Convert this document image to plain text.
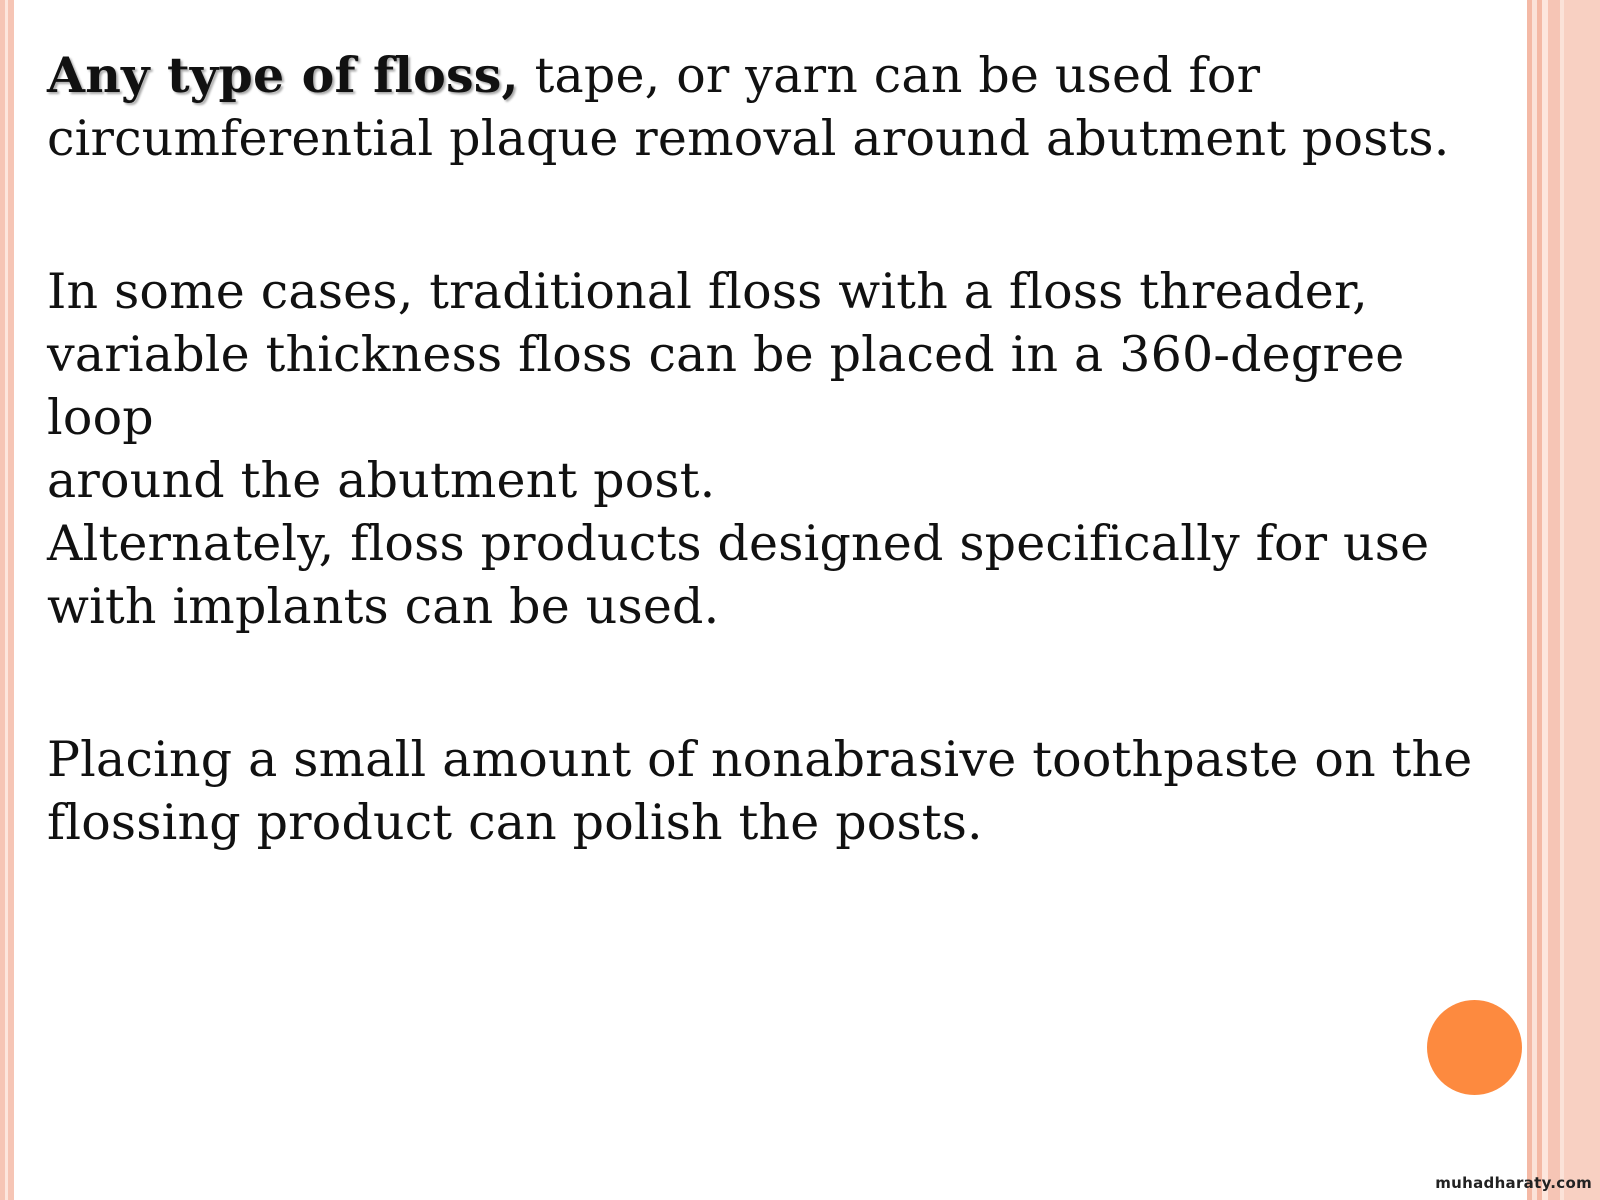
Any type of floss, tape, or yarn can be used for
circumferential plaque removal around abutment posts.

In some cases, traditional floss with a floss threader,
variable thickness floss can be placed in a 360-degree loop
around the abutment post.

Alternately, floss products designed specifically for use
with implants can be used.

Placing a small amount of nonabrasive toothpaste on the
flossing product can polish the posts.

muhadharaty.com
